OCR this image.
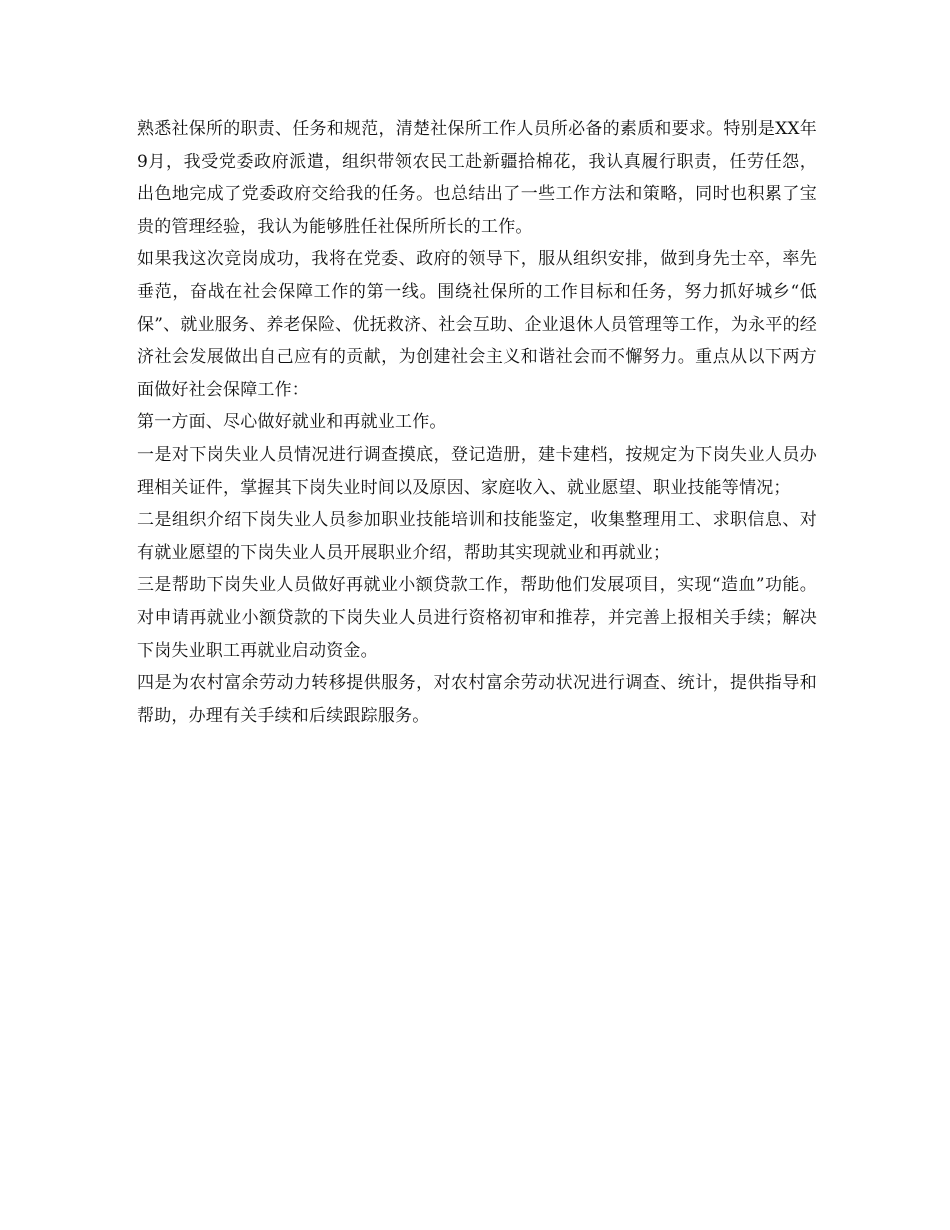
熟悉社保所的职责、任务和规范，清楚社保所工作人员所必备的素质和要求。特别是XX年9月，我受党委政府派遣，组织带领农民工赴新疆拾棉花，我认真履行职责，任劳任怨，出色地完成了党委政府交给我的任务。也总结出了一些工作方法和策略，同时也积累了宝贵的管理经验，我认为能够胜任社保所所长的工作。

如果我这次竞岗成功，我将在党委、政府的领导下，服从组织安排，做到身先士卒，率先垂范，奋战在社会保障工作的第一线。围绕社保所的工作目标和任务，努力抓好城乡“低保”、就业服务、养老保险、优抚救济、社会互助、企业退休人员管理等工作，为永平的经济社会发展做出自己应有的贡献，为创建社会主义和谐社会而不懈努力。重点从以下两方面做好社会保障工作：

第一方面、尽心做好就业和再就业工作。

一是对下岗失业人员情况进行调查摸底，登记造册，建卡建档，按规定为下岗失业人员办理相关证件，掌握其下岗失业时间以及原因、家庭收入、就业愿望、职业技能等情况；

二是组织介绍下岗失业人员参加职业技能培训和技能鉴定，收集整理用工、求职信息、对有就业愿望的下岗失业人员开展职业介绍，帮助其实现就业和再就业；

三是帮助下岗失业人员做好再就业小额贷款工作，帮助他们发展项目，实现“造血”功能。对申请再就业小额贷款的下岗失业人员进行资格初审和推荐，并完善上报相关手续；解决下岗失业职工再就业启动资金。

四是为农村富余劳动力转移提供服务，对农村富余劳动状况进行调查、统计，提供指导和帮助，办理有关手续和后续跟踪服务。
